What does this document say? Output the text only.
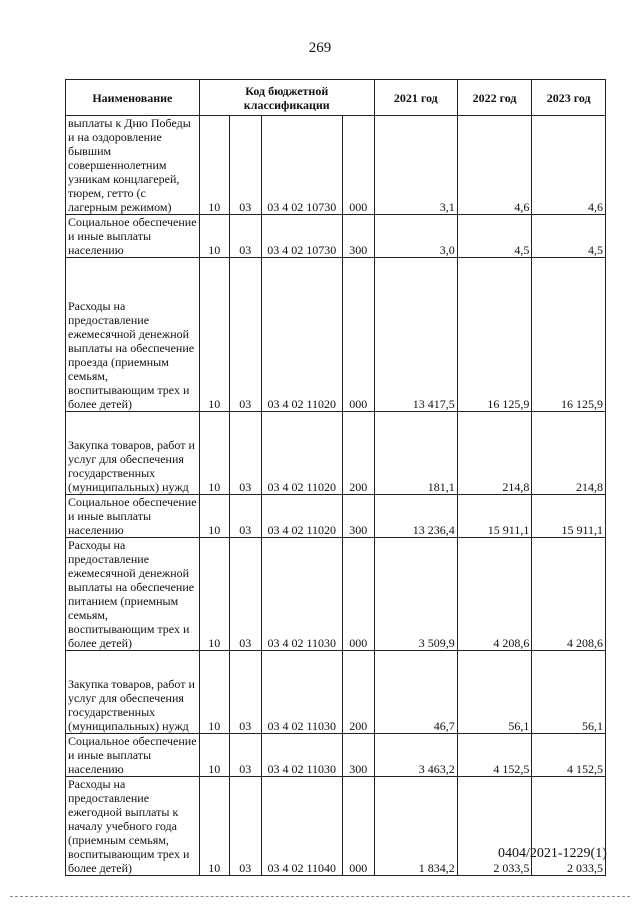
269
Наименование	Код бюджетной классификации				2021 год	2022 год	2023 год
выплаты к Дню Победы и на оздоровление бывшим совершеннолетним узникам концлагерей, тюрем, гетто (с лагерным режимом)	10	03	03 4 02 10730	000	3,1	4,6	4,6
Социальное обеспечение и иные выплаты населению	10	03	03 4 02 10730	300	3,0	4,5	4,5
Расходы на предоставление ежемесячной денежной выплаты на обеспечение проезда (приемным семьям, воспитывающим трех и более детей)	10	03	03 4 02 11020	000	13 417,5	16 125,9	16 125,9
Закупка товаров, работ и услуг для обеспечения государственных (муниципальных) нужд	10	03	03 4 02 11020	200	181,1	214,8	214,8
Социальное обеспечение и иные выплаты населению	10	03	03 4 02 11020	300	13 236,4	15 911,1	15 911,1
Расходы на предоставление ежемесячной денежной выплаты на обеспечение питанием (приемным семьям, воспитывающим трех и более детей)	10	03	03 4 02 11030	000	3 509,9	4 208,6	4 208,6
Закупка товаров, работ и услуг для обеспечения государственных (муниципальных) нужд	10	03	03 4 02 11030	200	46,7	56,1	56,1
Социальное обеспечение и иные выплаты населению	10	03	03 4 02 11030	300	3 463,2	4 152,5	4 152,5
Расходы на предоставление ежегодной выплаты к началу учебного года (приемным семьям, воспитывающим трех и более детей)	10	03	03 4 02 11040	000	1 834,2	2 033,5	2 033,5
0404/2021-1229(1)
